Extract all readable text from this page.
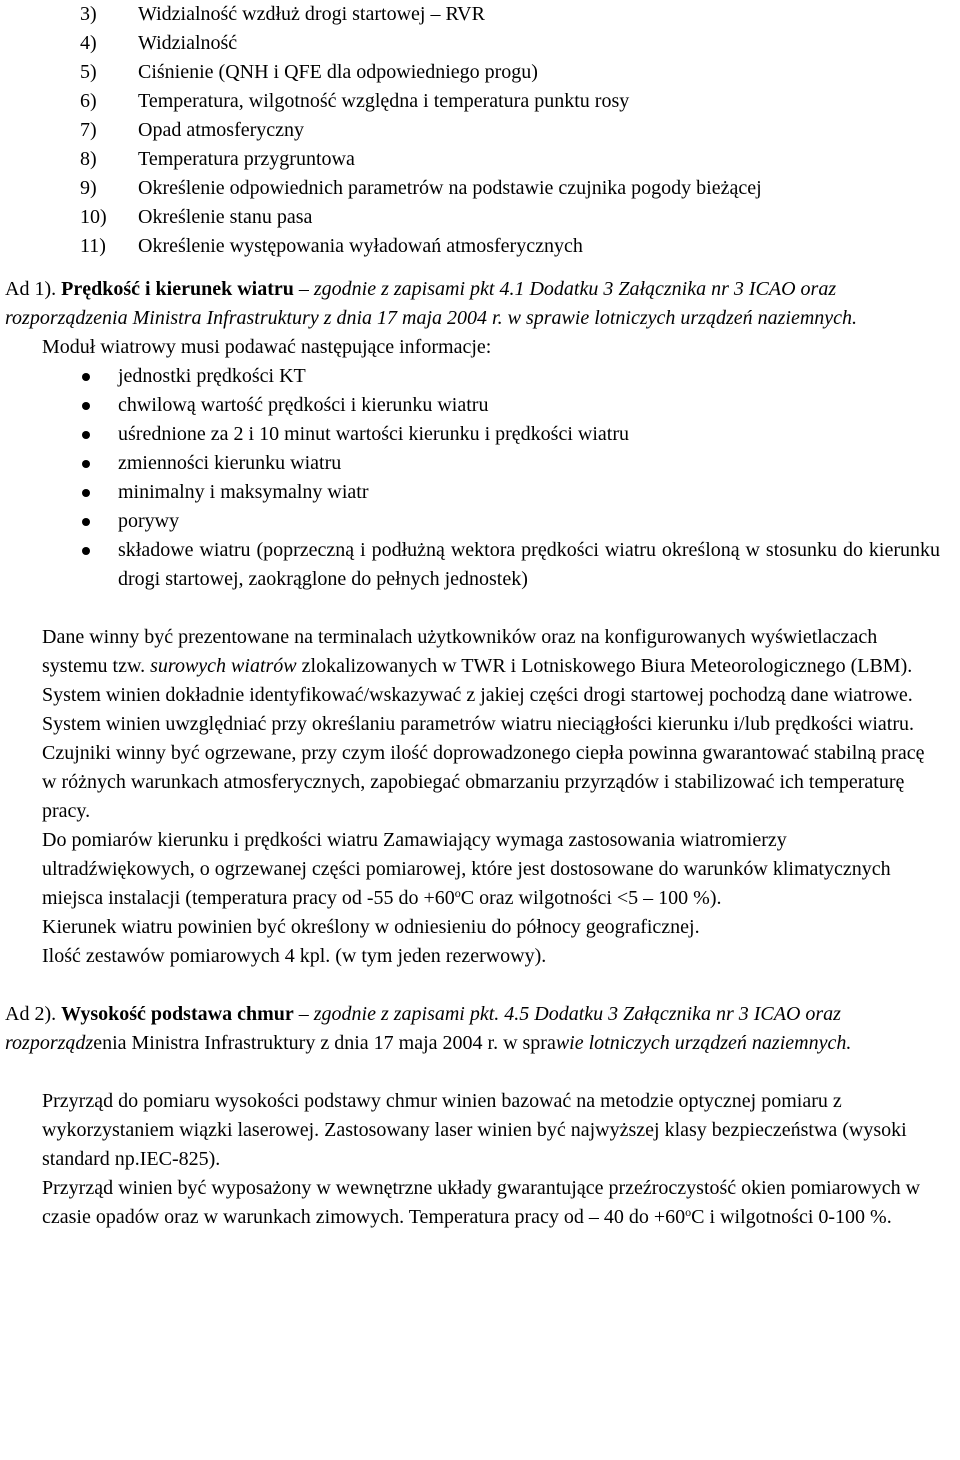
3)	Widzialność wzdłuż drogi startowej – RVR
4)	Widzialność
5)	Ciśnienie (QNH i QFE dla odpowiedniego progu)
6)	Temperatura, wilgotność względna i temperatura punktu rosy
7)	Opad atmosferyczny
8)	Temperatura przygruntowa
9)	Określenie odpowiednich parametrów na podstawie czujnika pogody bieżącej
10)	Określenie stanu pasa
11)	Określenie występowania wyładowań atmosferycznych

Ad 1). Prędkość i kierunek wiatru – zgodnie z zapisami pkt 4.1 Dodatku 3 Załącznika nr 3 ICAO oraz rozporządzenia Ministra Infrastruktury z dnia 17 maja 2004 r. w sprawie lotniczych urządzeń naziemnych.

Moduł wiatrowy musi podawać następujące informacje:

jednostki prędkości KT
chwilową wartość prędkości i kierunku wiatru
uśrednione za 2 i 10 minut wartości kierunku i prędkości wiatru
zmienności kierunku wiatru
minimalny i maksymalny wiatr
porywy
składowe wiatru (poprzeczną i podłużną wektora prędkości wiatru określoną w stosunku do kierunku drogi startowej, zaokrąglone do pełnych jednostek)

Dane winny być prezentowane na terminalach użytkowników oraz na konfigurowanych wyświetlaczach systemu tzw. surowych wiatrów zlokalizowanych w TWR i Lotniskowego Biura Meteorologicznego (LBM).

System winien dokładnie identyfikować/wskazywać z jakiej części drogi startowej pochodzą dane wiatrowe.

System winien uwzględniać przy określaniu parametrów wiatru nieciągłości kierunku i/lub prędkości wiatru.

Czujniki winny być ogrzewane, przy czym ilość doprowadzonego ciepła powinna gwarantować stabilną pracę w różnych warunkach atmosferycznych, zapobiegać obmarzaniu przyrządów i stabilizować ich temperaturę pracy.

Do pomiarów kierunku i prędkości wiatru Zamawiający wymaga zastosowania wiatromierzy ultradźwiękowych, o ogrzewanej części pomiarowej, które jest dostosowane do warunków klimatycznych miejsca instalacji (temperatura pracy od -55 do $+60^oC$ oraz wilgotności <5 – 100 %).

Kierunek wiatru powinien być określony w odniesieniu do północy geograficznej.

Ilość zestawów pomiarowych 4 kpl. (w tym jeden rezerwowy).

Ad 2). Wysokość podstawa chmur – zgodnie z zapisami pkt. 4.5 Dodatku 3 Załącznika nr 3 ICAO oraz rozporządzenia Ministra Infrastruktury z dnia 17 maja 2004 r. w sprawie lotniczych urządzeń naziemnych.

Przyrząd do pomiaru wysokości podstawy chmur winien bazować na metodzie optycznej pomiaru z wykorzystaniem wiązki laserowej. Zastosowany laser winien być najwyższej klasy bezpieczeństwa (wysoki standard np.IEC-825).

Przyrząd winien być wyposażony w wewnętrzne układy gwarantujące przeźroczystość okien pomiarowych w czasie opadów oraz w warunkach zimowych. Temperatura pracy od – 40 do $+60^oC$ i wilgotności 0-100 %.
